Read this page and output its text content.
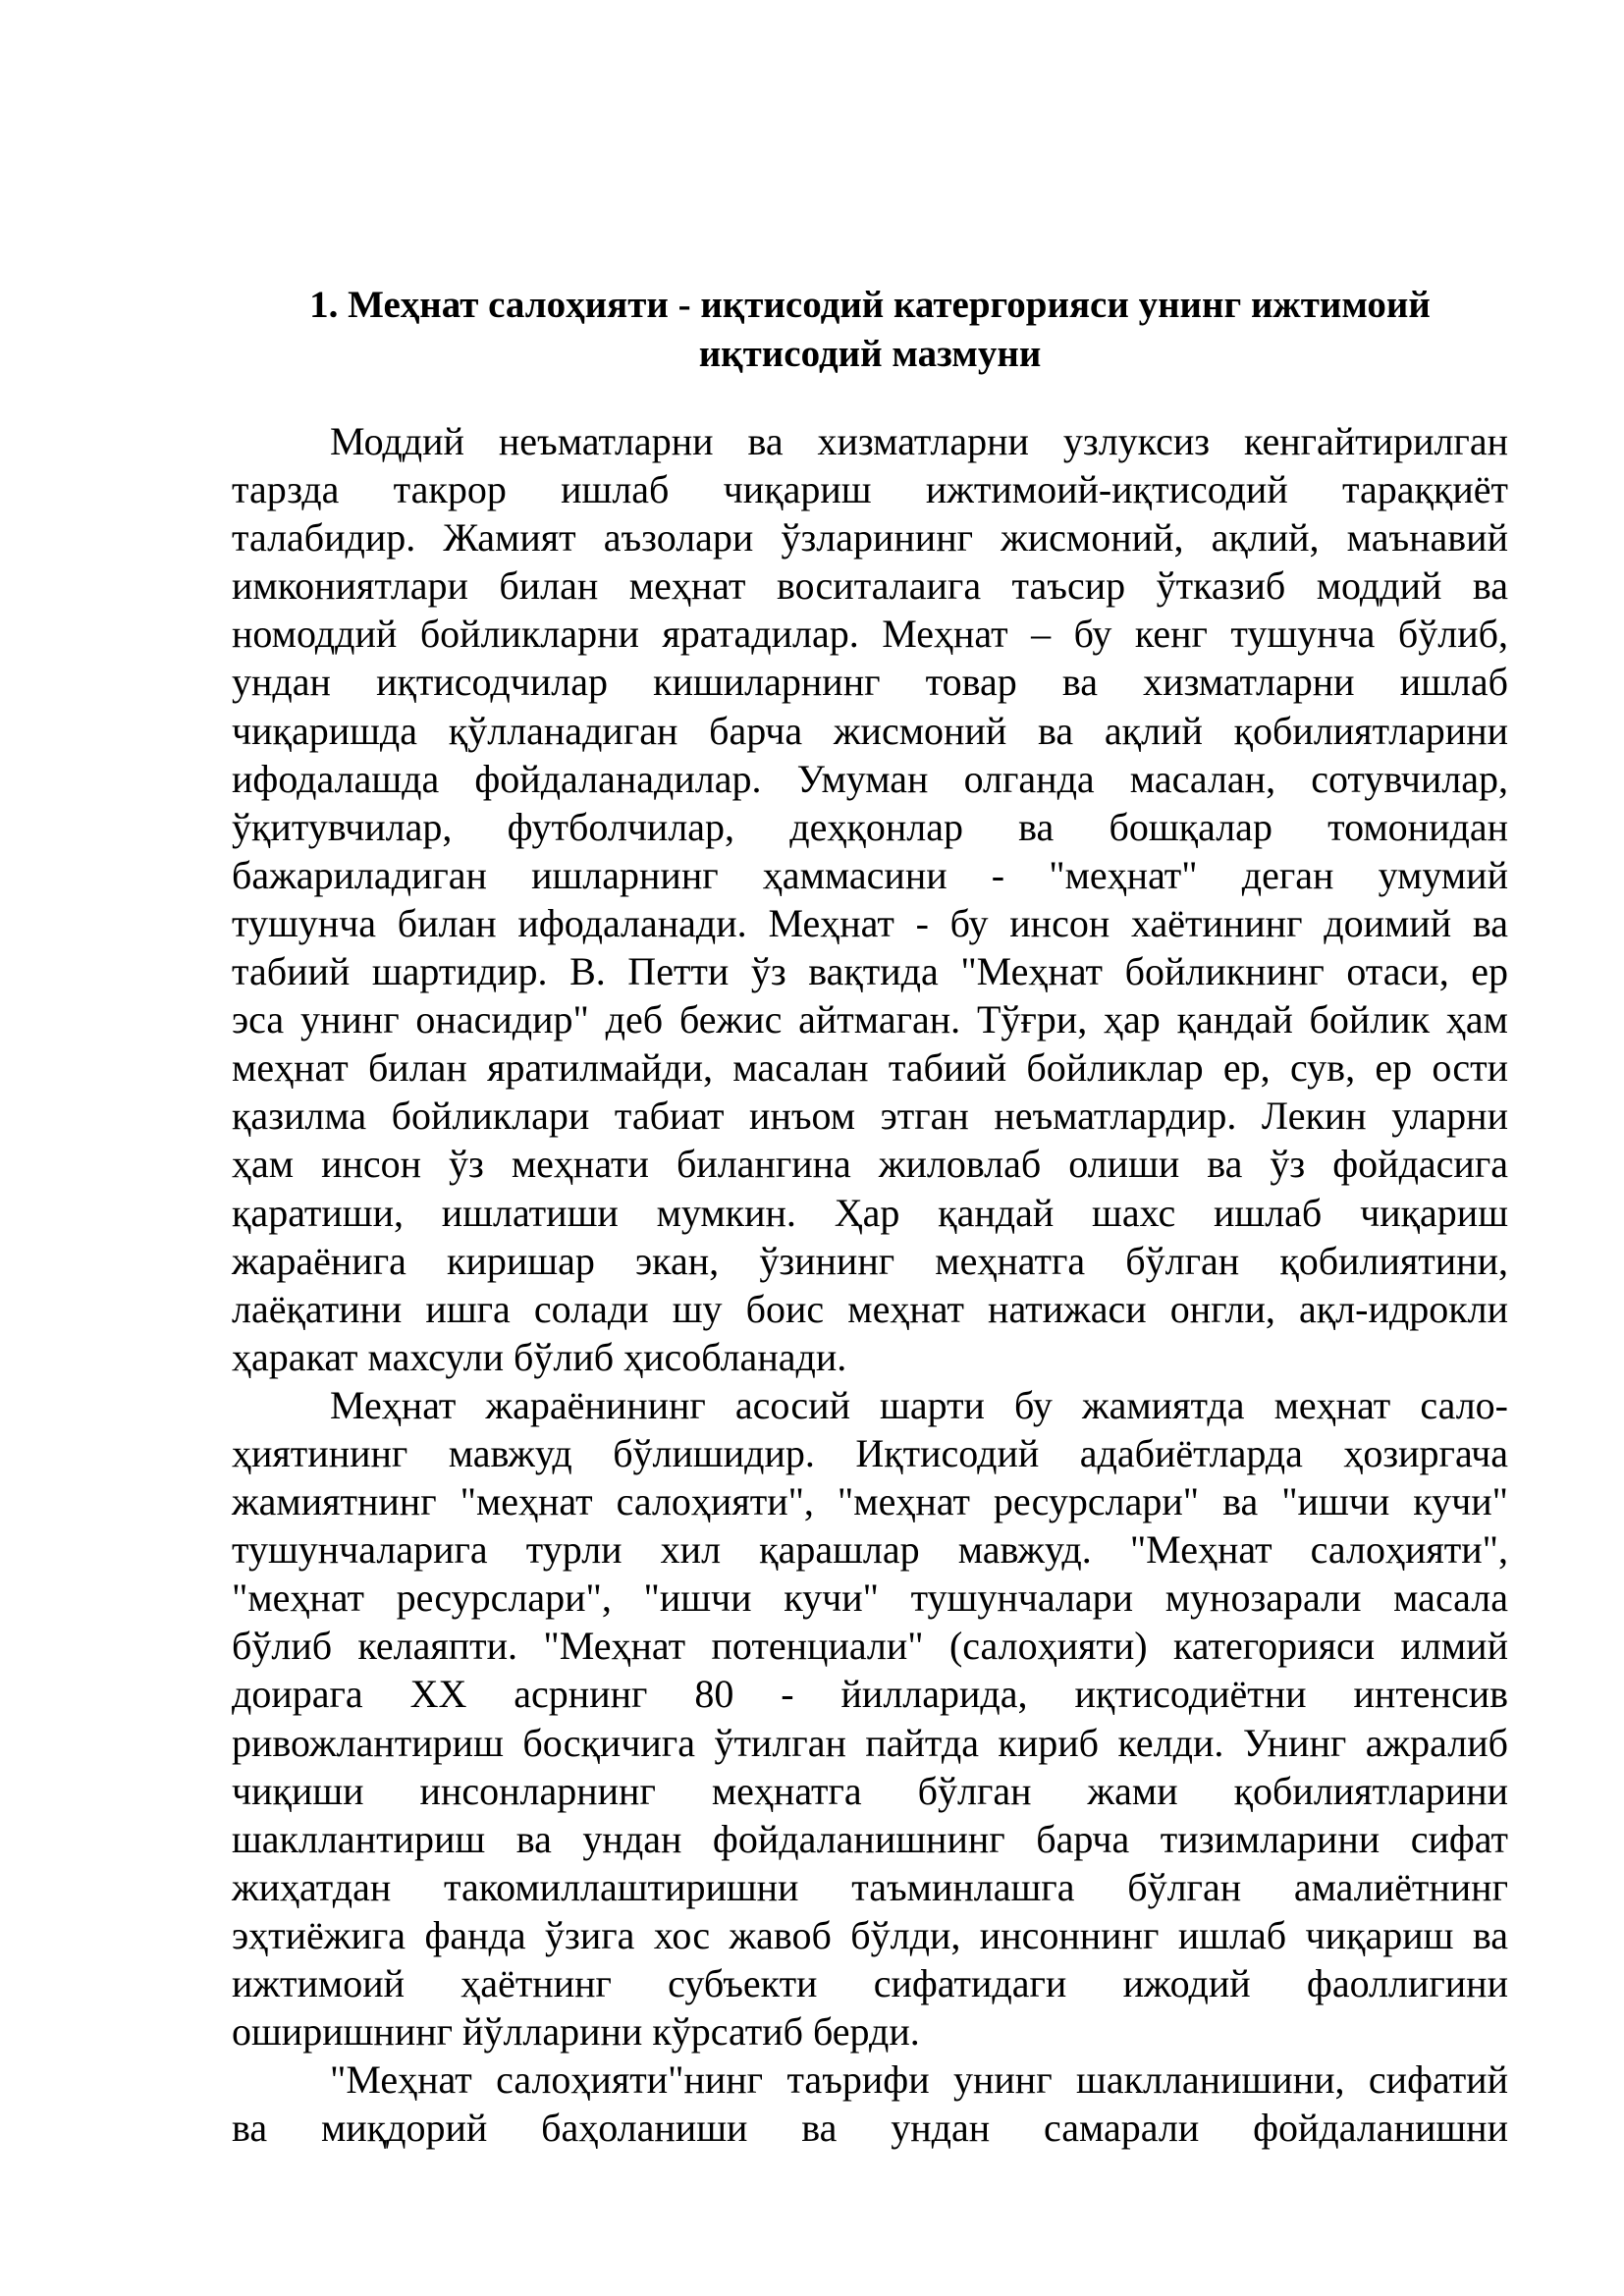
1. Меҳнат салоҳияти - иқтисодий катергорияси унинг ижтимоий
иқтисодий мазмуни
Моддий неъматларни ва хизматларни узлуксиз кенгайтирилган
тарзда такрор ишлаб чиқариш ижтимоий-иқтисодий тараққиёт
талабидир. Жамият аъзолари ўзларининг жисмоний, ақлий, маънавий
имкониятлари билан меҳнат воситалаига таъсир ўтказиб моддий ва
номоддий бойликларни яратадилар. Меҳнат – бу кенг тушунча бўлиб,
ундан иқтисодчилар кишиларнинг товар ва хизматларни ишлаб
чиқаришда қўлланадиган барча жисмоний ва ақлий қобилиятларини
ифодалашда фойдаланадилар. Умуман олганда масалан, сотувчилар,
ўқитувчилар, футболчилар, деҳқонлар ва бошқалар томонидан
бажариладиган ишларнинг ҳаммасини - "меҳнат" деган умумий
тушунча билан ифодаланади. Меҳнат - бу инсон хаётининг доимий ва
табиий шартидир. В. Петти ўз вақтида "Меҳнат бойликнинг отаси, ер
эса унинг онасидир" деб бежис айтмаган. Тўғри, ҳар қандай бойлик ҳам
меҳнат билан яратилмайди, масалан табиий бойликлар ер, сув, ер ости
қазилма бойликлари табиат инъом этган неъматлардир. Лекин уларни
ҳам инсон ўз меҳнати билангина жиловлаб олиши ва ўз фойдасига
қаратиши, ишлатиши мумкин. Ҳар қандай шахс ишлаб чиқариш
жараёнига киришар экан, ўзининг меҳнатга бўлган қобилиятини,
лаёқатини ишга солади шу боис меҳнат натижаси онгли, ақл-идрокли
ҳаракат махсули бўлиб ҳисобланади.
Меҳнат жараёнининг асосий шарти бу жамиятда меҳнат сало-
ҳиятининг мавжуд бўлишидир. Иқтисодий адабиётларда ҳозиргача
жамиятнинг "меҳнат салоҳияти", "меҳнат ресурслари" ва "ишчи кучи"
тушунчаларига турли хил қарашлар мавжуд. "Меҳнат салоҳияти",
"меҳнат ресурслари", "ишчи кучи" тушунчалари мунозарали масала
бўлиб келаяпти. "Меҳнат потенциали" (салоҳияти) категорияси илмий
доирага XX асрнинг 80 - йилларида, иқтисодиётни интенсив
ривожлантириш босқичига ўтилган пайтда кириб келди. Унинг ажралиб
чиқиши инсонларнинг меҳнатга бўлган жами қобилиятларини
шакллантириш ва ундан фойдаланишнинг барча тизимларини сифат
жиҳатдан такомиллаштиришни таъминлашга бўлган амалиётнинг
эҳтиёжига фанда ўзига хос жавоб бўлди, инсоннинг ишлаб чиқариш ва
ижтимоий ҳаётнинг субъекти сифатидаги ижодий фаоллигини
оширишнинг йўлларини кўрсатиб берди.
"Меҳнат салоҳияти"нинг таърифи унинг шаклланишини, сифатий
ва миқдорий баҳоланиши ва ундан самарали фойдаланишни
